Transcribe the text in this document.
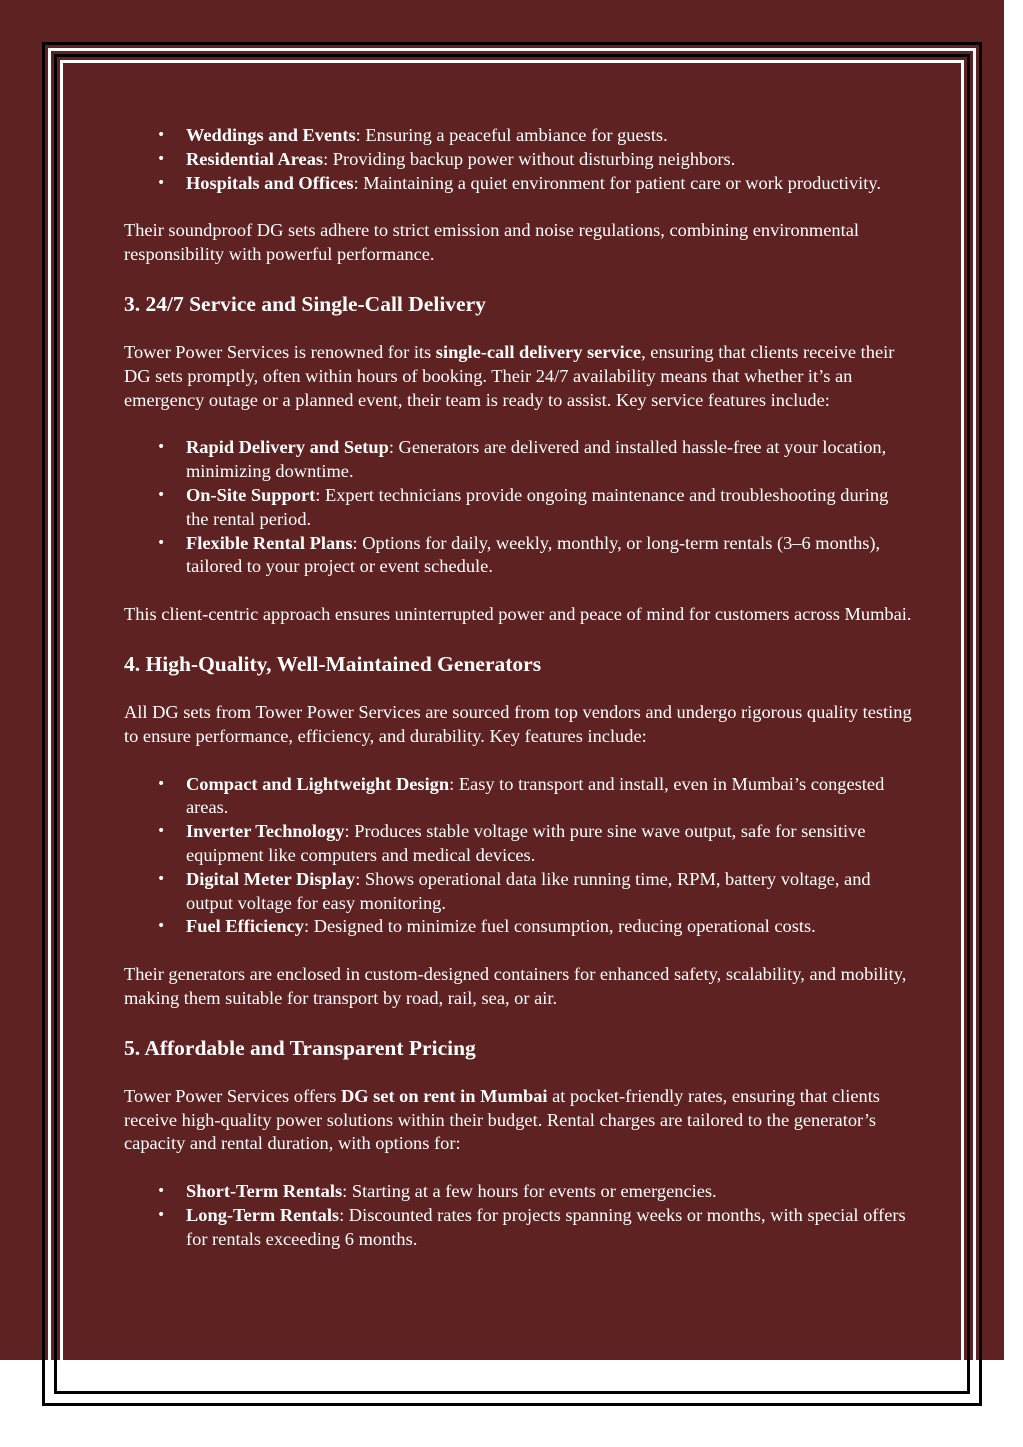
• Weddings and Events: Ensuring a peaceful ambiance for guests.
• Residential Areas: Providing backup power without disturbing neighbors.
• Hospitals and Offices: Maintaining a quiet environment for patient care or work productivity.

Their soundproof DG sets adhere to strict emission and noise regulations, combining environmental responsibility with powerful performance.

3. 24/7 Service and Single-Call Delivery

Tower Power Services is renowned for its single-call delivery service, ensuring that clients receive their DG sets promptly, often within hours of booking. Their 24/7 availability means that whether it’s an emergency outage or a planned event, their team is ready to assist. Key service features include:

• Rapid Delivery and Setup: Generators are delivered and installed hassle-free at your location, minimizing downtime.
• On-Site Support: Expert technicians provide ongoing maintenance and troubleshooting during the rental period.
• Flexible Rental Plans: Options for daily, weekly, monthly, or long-term rentals (3–6 months), tailored to your project or event schedule.

This client-centric approach ensures uninterrupted power and peace of mind for customers across Mumbai.

4. High-Quality, Well-Maintained Generators

All DG sets from Tower Power Services are sourced from top vendors and undergo rigorous quality testing to ensure performance, efficiency, and durability. Key features include:

• Compact and Lightweight Design: Easy to transport and install, even in Mumbai’s congested areas.
• Inverter Technology: Produces stable voltage with pure sine wave output, safe for sensitive equipment like computers and medical devices.
• Digital Meter Display: Shows operational data like running time, RPM, battery voltage, and output voltage for easy monitoring.
• Fuel Efficiency: Designed to minimize fuel consumption, reducing operational costs.

Their generators are enclosed in custom-designed containers for enhanced safety, scalability, and mobility, making them suitable for transport by road, rail, sea, or air.

5. Affordable and Transparent Pricing

Tower Power Services offers DG set on rent in Mumbai at pocket-friendly rates, ensuring that clients receive high-quality power solutions within their budget. Rental charges are tailored to the generator’s capacity and rental duration, with options for:

• Short-Term Rentals: Starting at a few hours for events or emergencies.
• Long-Term Rentals: Discounted rates for projects spanning weeks or months, with special offers for rentals exceeding 6 months.
